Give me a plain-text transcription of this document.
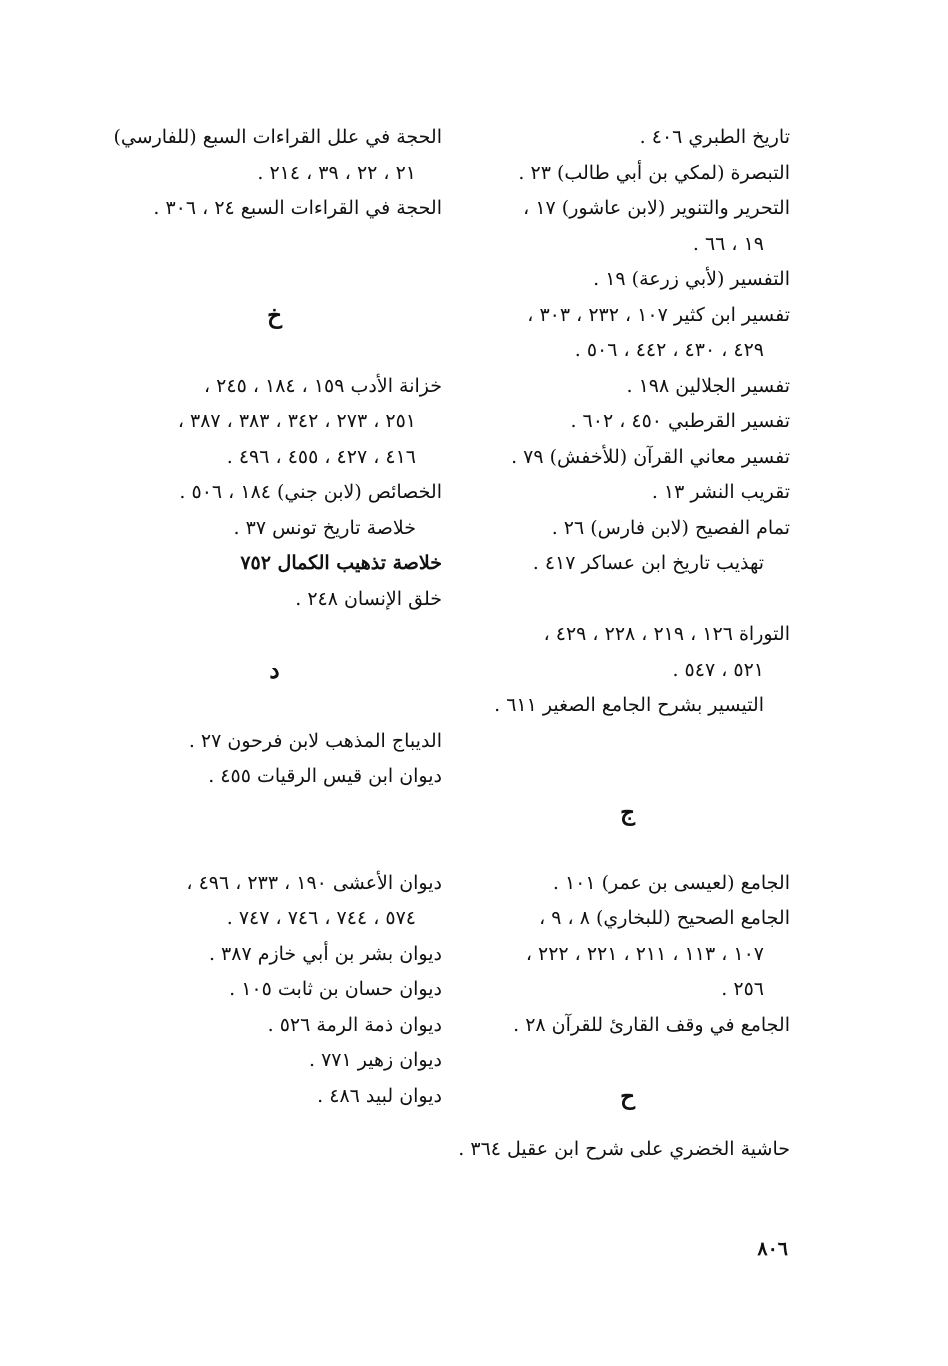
تاريخ الطبري ٤٠٦ .
التبصرة (لمكي بن أبي طالب) ٢٣ .
التحرير والتنوير (لابن عاشور) ١٧ ،
١٩ ، ٦٦ .
التفسير (لأبي زرعة) ١٩ .
تفسير ابن كثير ١٠٧ ، ٢٣٢ ، ٣٠٣ ،
٤٢٩ ، ٤٣٠ ، ٤٤٢ ، ٥٠٦ .
تفسير الجلالين ١٩٨ .
تفسير القرطبي ٤٥٠ ، ٦٠٢ .
تفسير معاني القرآن (للأخفش) ٧٩ .
تقريب النشر ١٣ .
تمام الفصيح (لابن فارس) ٢٦ .
تهذيب تاريخ ابن عساكر ٤١٧ .
التوراة ١٢٦ ، ٢١٩ ، ٢٢٨ ، ٤٢٩ ،
٥٢١ ، ٥٤٧ .
التيسير بشرح الجامع الصغير ٦١١ .
ج
الجامع (لعيسى بن عمر) ١٠١ .
الجامع الصحيح (للبخاري) ٨ ، ٩ ،
١٠٧ ، ١١٣ ، ٢١١ ، ٢٢١ ، ٢٢٢ ،
٢٥٦ .
الجامع في وقف القارئ للقرآن ٢٨ .
ح
حاشية الخضري على شرح ابن عقيل ٣٦٤ .
الحجة في علل القراءات السبع (للفارسي)
٢١ ، ٢٢ ، ٣٩ ، ٢١٤ .
الحجة في القراءات السبع ٢٤ ، ٣٠٦ .
خ
خزانة الأدب ١٥٩ ، ١٨٤ ، ٢٤٥ ،
٢٥١ ، ٢٧٣ ، ٣٤٢ ، ٣٨٣ ، ٣٨٧ ،
٤١٦ ، ٤٢٧ ، ٤٥٥ ، ٤٩٦ .
الخصائص (لابن جني) ١٨٤ ، ٥٠٦ .
خلاصة تاريخ تونس ٣٧ .
خلاصة تذهيب الكمال ٧٥٢
خلق الإنسان ٢٤٨ .
د
الديباج المذهب لابن فرحون ٢٧ .
ديوان ابن قيس الرقيات ٤٥٥ .
ديوان الأعشى ١٩٠ ، ٢٣٣ ، ٤٩٦ ،
٥٧٤ ، ٧٤٤ ، ٧٤٦ ، ٧٤٧ .
ديوان بشر بن أبي خازم ٣٨٧ .
ديوان حسان بن ثابت ١٠٥ .
ديوان ذمة الرمة ٥٢٦ .
ديوان زهير ٧٧١ .
ديوان لبيد ٤٨٦ .
٨٠٦
